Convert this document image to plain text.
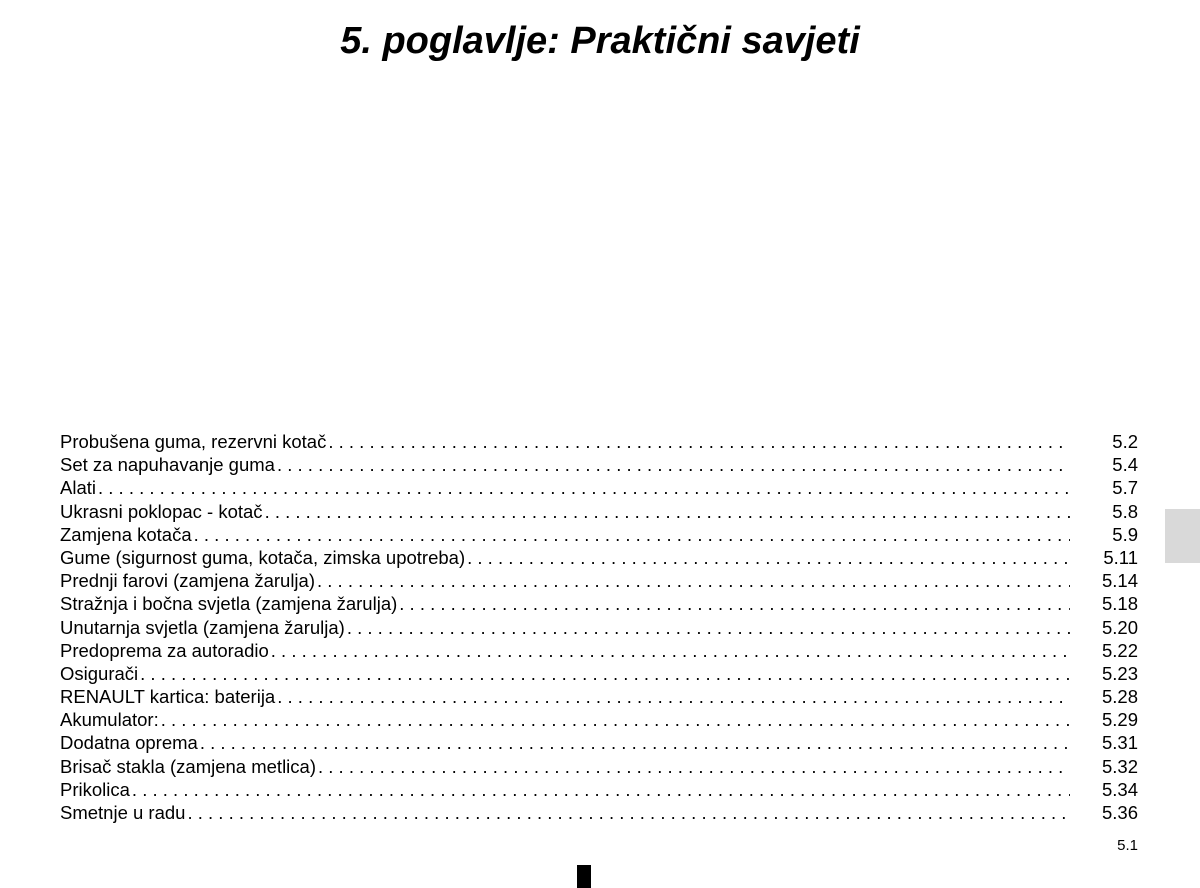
5. poglavlje: Praktični savjeti
Probušena guma, rezervni kotač . . .	5.2
Set za napuhavanje guma . . .	5.4
Alati . . .	5.7
Ukrasni poklopac - kotač . . .	5.8
Zamjena kotača . . .	5.9
Gume (sigurnost guma, kotača, zimska upotreba) . . .	5.11
Prednji farovi (zamjena žarulja) . . .	5.14
Stražnja i bočna svjetla (zamjena žarulja) . . .	5.18
Unutarnja svjetla (zamjena žarulja) . . .	5.20
Predoprema za autoradio . . .	5.22
Osigurači . . .	5.23
RENAULT kartica: baterija . . .	5.28
Akumulator: . . .	5.29
Dodatna oprema . . .	5.31
Brisač stakla (zamjena metlica) . . .	5.32
Prikolica . . .	5.34
Smetnje u radu . . .	5.36
5.1
